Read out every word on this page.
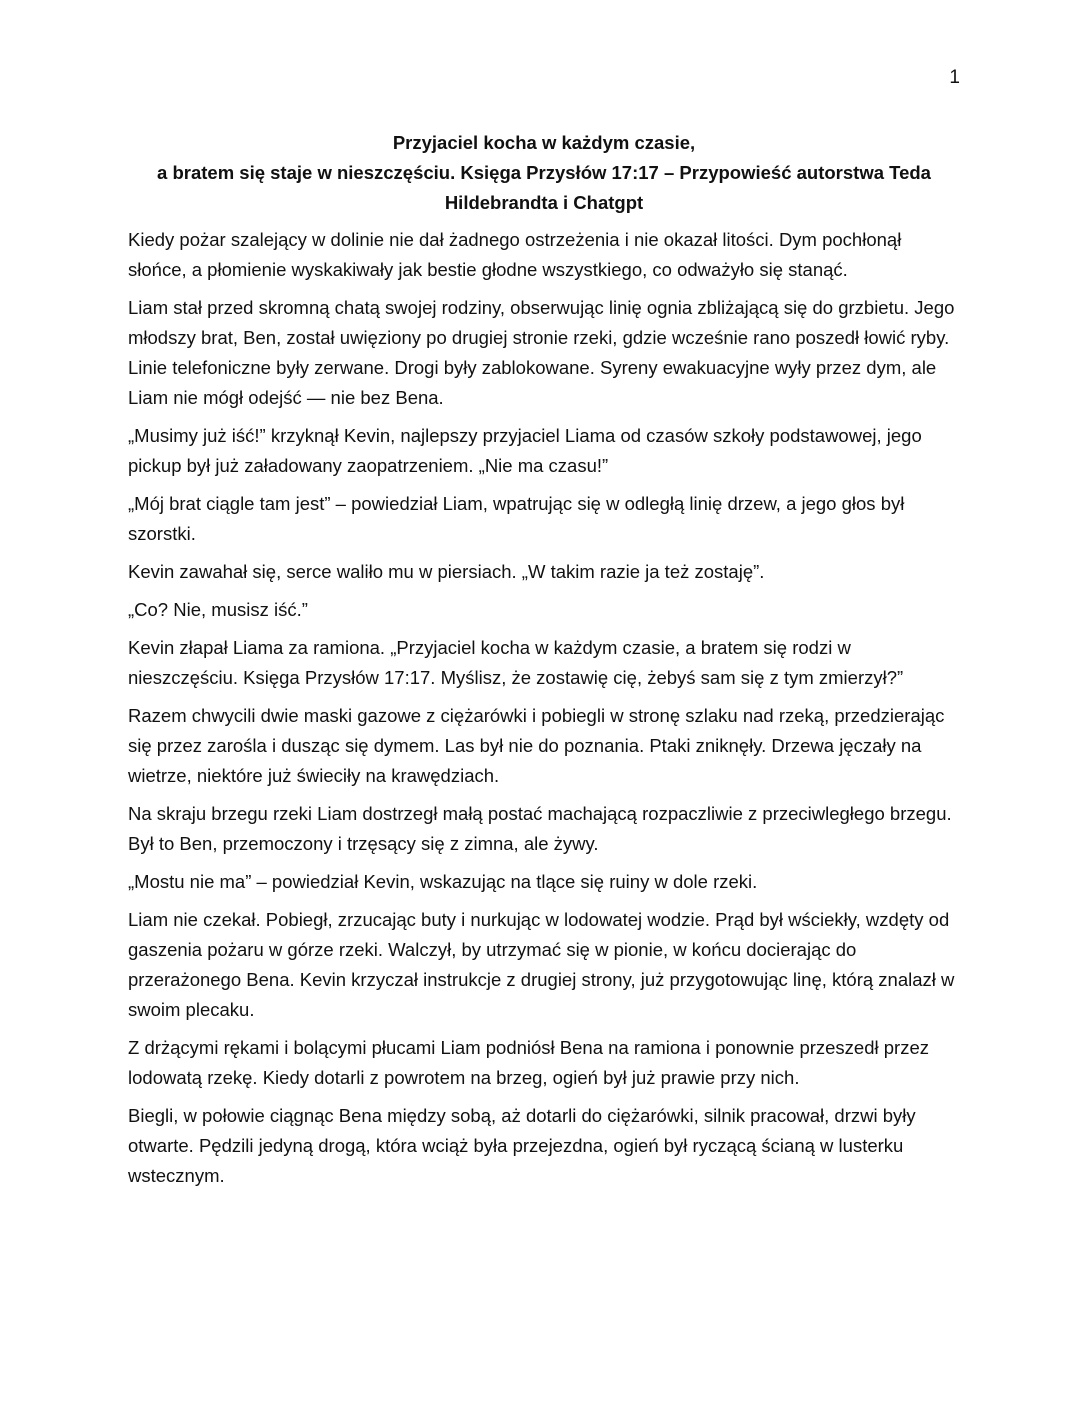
1
Przyjaciel kocha w każdym czasie,
a bratem się staje w nieszczęściu. Księga Przysłów 17:17 – Przypowieść autorstwa Teda
Hildebrandta i Chatgpt

Kiedy pożar szalejący w dolinie nie dał żadnego ostrzeżenia i nie okazał litości. Dym pochłonął słońce, a płomienie wyskakiwały jak bestie głodne wszystkiego, co odważyło się stanąć.

Liam stał przed skromną chatą swojej rodziny, obserwując linię ognia zbliżającą się do grzbietu. Jego młodszy brat, Ben, został uwięziony po drugiej stronie rzeki, gdzie wcześnie rano poszedł łowić ryby. Linie telefoniczne były zerwane. Drogi były zablokowane. Syreny ewakuacyjne wyły przez dym, ale Liam nie mógł odejść — nie bez Bena.

„Musimy już iść!” krzyknął Kevin, najlepszy przyjaciel Liama od czasów szkoły podstawowej, jego pickup był już załadowany zaopatrzeniem. „Nie ma czasu!”

„Mój brat ciągle tam jest” – powiedział Liam, wpatrując się w odległą linię drzew, a jego głos był szorstki.

Kevin zawahał się, serce waliło mu w piersiach. „W takim razie ja też zostaję”.

„Co? Nie, musisz iść.”

Kevin złapał Liama za ramiona. „Przyjaciel kocha w każdym czasie, a bratem się rodzi w nieszczęściu. Księga Przysłów 17:17. Myślisz, że zostawię cię, żebyś sam się z tym zmierzył?”

Razem chwycili dwie maski gazowe z ciężarówki i pobiegli w stronę szlaku nad rzeką, przedzierając się przez zarośla i dusząc się dymem. Las był nie do poznania. Ptaki zniknęły. Drzewa jęczały na wietrze, niektóre już świeciły na krawędziach.

Na skraju brzegu rzeki Liam dostrzegł małą postać machającą rozpaczliwie z przeciwległego brzegu. Był to Ben, przemoczony i trzęsący się z zimna, ale żywy.

„Mostu nie ma” – powiedział Kevin, wskazując na tlące się ruiny w dole rzeki.

Liam nie czekał. Pobiegł, zrzucając buty i nurkując w lodowatej wodzie. Prąd był wściekły, wzdęty od gaszenia pożaru w górze rzeki. Walczył, by utrzymać się w pionie, w końcu docierając do przerażonego Bena. Kevin krzyczał instrukcje z drugiej strony, już przygotowując linę, którą znalazł w swoim plecaku.

Z drżącymi rękami i bolącymi płucami Liam podniósł Bena na ramiona i ponownie przeszedł przez lodowatą rzekę. Kiedy dotarli z powrotem na brzeg, ogień był już prawie przy nich.

Biegli, w połowie ciągnąc Bena między sobą, aż dotarli do ciężarówki, silnik pracował, drzwi były otwarte. Pędzili jedyną drogą, która wciąż była przejezdna, ogień był ryczącą ścianą w lusterku wstecznym.
